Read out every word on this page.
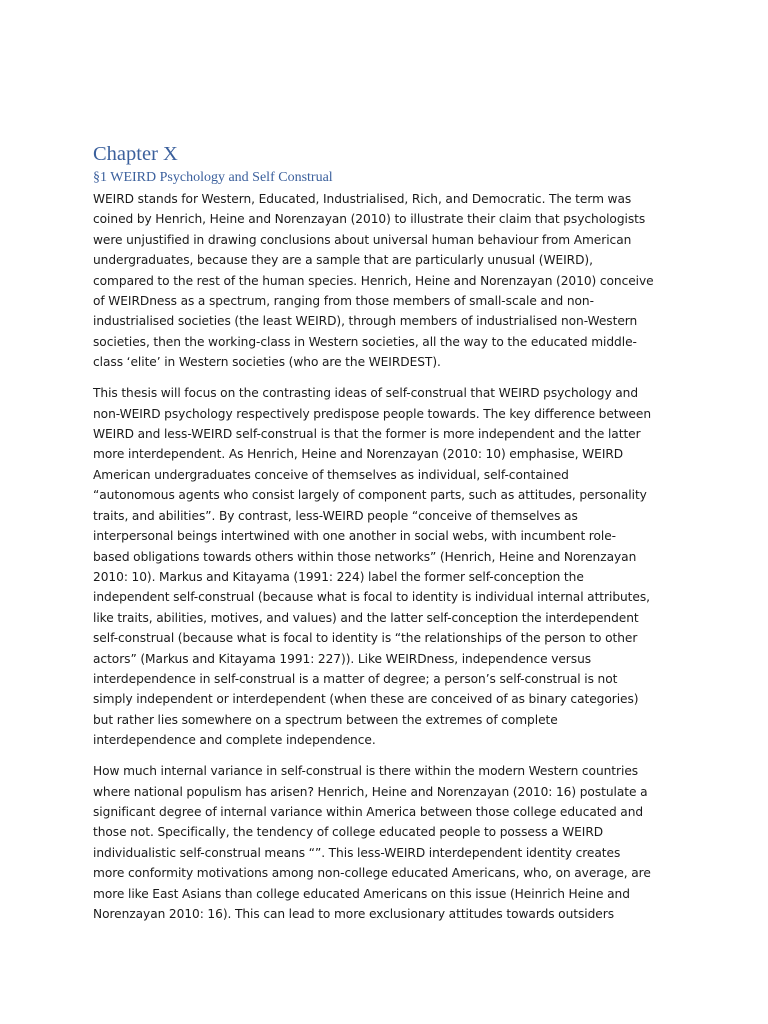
Chapter X
§1 WEIRD Psychology and Self Construal

WEIRD stands for Western, Educated, Industrialised, Rich, and Democratic. The term was
coined by Henrich, Heine and Norenzayan (2010) to illustrate their claim that psychologists
were unjustified in drawing conclusions about universal human behaviour from American
undergraduates, because they are a sample that are particularly unusual (WEIRD),
compared to the rest of the human species. Henrich, Heine and Norenzayan (2010) conceive
of WEIRDness as a spectrum, ranging from those members of small-scale and non-
industrialised societies (the least WEIRD), through members of industrialised non-Western
societies, then the working-class in Western societies, all the way to the educated middle-
class ‘elite’ in Western societies (who are the WEIRDEST).

This thesis will focus on the contrasting ideas of self-construal that WEIRD psychology and
non-WEIRD psychology respectively predispose people towards. The key difference between
WEIRD and less-WEIRD self-construal is that the former is more independent and the latter
more interdependent. As Henrich, Heine and Norenzayan (2010: 10) emphasise, WEIRD
American undergraduates conceive of themselves as individual, self-contained
“autonomous agents who consist largely of component parts, such as attitudes, personality
traits, and abilities”. By contrast, less-WEIRD people “conceive of themselves as
interpersonal beings intertwined with one another in social webs, with incumbent role-
based obligations towards others within those networks” (Henrich, Heine and Norenzayan
2010: 10). Markus and Kitayama (1991: 224) label the former self-conception the
independent self-construal (because what is focal to identity is individual internal attributes,
like traits, abilities, motives, and values) and the latter self-conception the interdependent
self-construal (because what is focal to identity is “the relationships of the person to other
actors” (Markus and Kitayama 1991: 227)). Like WEIRDness, independence versus
interdependence in self-construal is a matter of degree; a person’s self-construal is not
simply independent or interdependent (when these are conceived of as binary categories)
but rather lies somewhere on a spectrum between the extremes of complete
interdependence and complete independence.

How much internal variance in self-construal is there within the modern Western countries
where national populism has arisen? Henrich, Heine and Norenzayan (2010: 16) postulate a
significant degree of internal variance within America between those college educated and
those not. Specifically, the tendency of college educated people to possess a WEIRD
individualistic self-construal means “”. This less-WEIRD interdependent identity creates
more conformity motivations among non-college educated Americans, who, on average, are
more like East Asians than college educated Americans on this issue (Heinrich Heine and
Norenzayan 2010: 16). This can lead to more exclusionary attitudes towards outsiders
